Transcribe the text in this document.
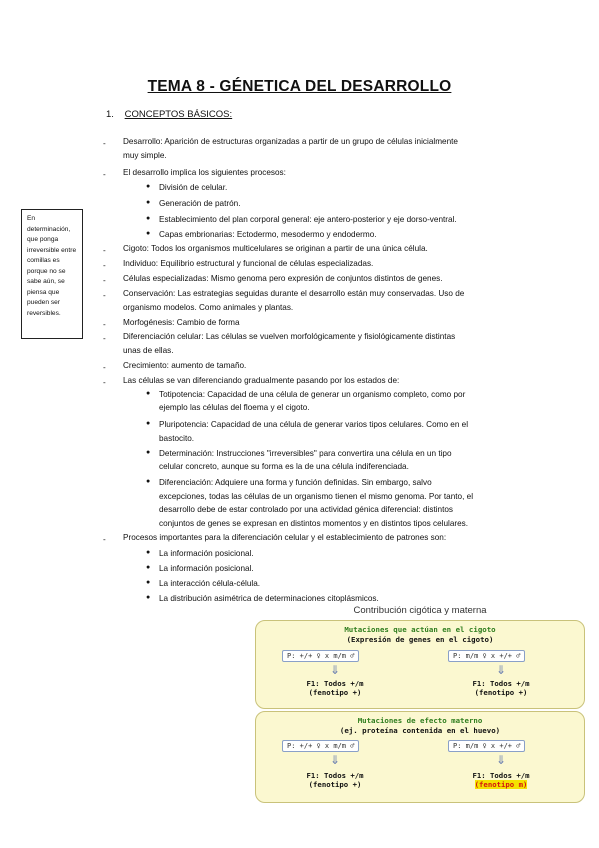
TEMA 8 - GÉNETICA DEL DESARROLLO
1. CONCEPTOS BÁSICOS:
En determinación, que ponga irreversible entre comillas es porque no se sabe aún, se piensa que pueden ser reversibles.
- Desarrollo: Aparición de estructuras organizadas a partir de un grupo de células inicialmente
muy simple.
- El desarrollo implica los siguientes procesos:
● División de celular.
● Generación de patrón.
● Establecimiento del plan corporal general: eje antero-posterior y eje dorso-ventral.
● Capas embrionarias: Ectodermo, mesodermo y endodermo.
- Cigoto: Todos los organismos multicelulares se originan a partir de una única célula.
- Individuo: Equilibrio estructural y funcional de células especializadas.
- Células especializadas: Mismo genoma pero expresión de conjuntos distintos de genes.
- Conservación: Las estrategias seguidas durante el desarrollo están muy conservadas. Uso de
organismo modelos. Como animales y plantas.
- Morfogénesis: Cambio de forma
- Diferenciación celular: Las células se vuelven morfológicamente y fisiológicamente distintas
unas de ellas.
- Crecimiento: aumento de tamaño.
- Las células se van diferenciando gradualmente pasando por los estados de:
● Totipotencia: Capacidad de una célula de generar un organismo completo, como por
ejemplo las células del floema y el cigoto.
● Pluripotencia: Capacidad de una célula de generar varios tipos celulares. Como en el
bastocito.
● Determinación: Instrucciones "irreversibles" para convertira una célula en un tipo
celular concreto, aunque su forma es la de una célula indiferenciada.
● Diferenciación: Adquiere una forma y función definidas. Sin embargo, salvo
excepciones, todas las células de un organismo tienen el mismo genoma. Por tanto, el
desarrollo debe de estar controlado por una actividad génica diferencial: distintos
conjuntos de genes se expresan en distintos momentos y en distintos tipos celulares.
- Procesos importantes para la diferenciación celular y el establecimiento de patrones son:
● La información posicional.
● La información posicional.
● La interacción célula-célula.
● La distribución asimétrica de determinaciones citoplásmicos.
Contribución cigótica y materna
Mutaciones que actúan en el cigoto
(Expresión de genes en el cigoto)
P: +/+ ♀ x m/m ♂	P: m/m ♀ x +/+ ♂
⇓	⇓
F1: Todos +/m
(fenotipo +)
F1: Todos +/m
(fenotipo +)
Mutaciones de efecto materno
(ej. proteína contenida en el huevo)
P: +/+ ♀ x m/m ♂	P: m/m ♀ x +/+ ♂
⇓	⇓
F1: Todos +/m
(fenotipo +)
F1: Todos +/m
(fenotipo m)
